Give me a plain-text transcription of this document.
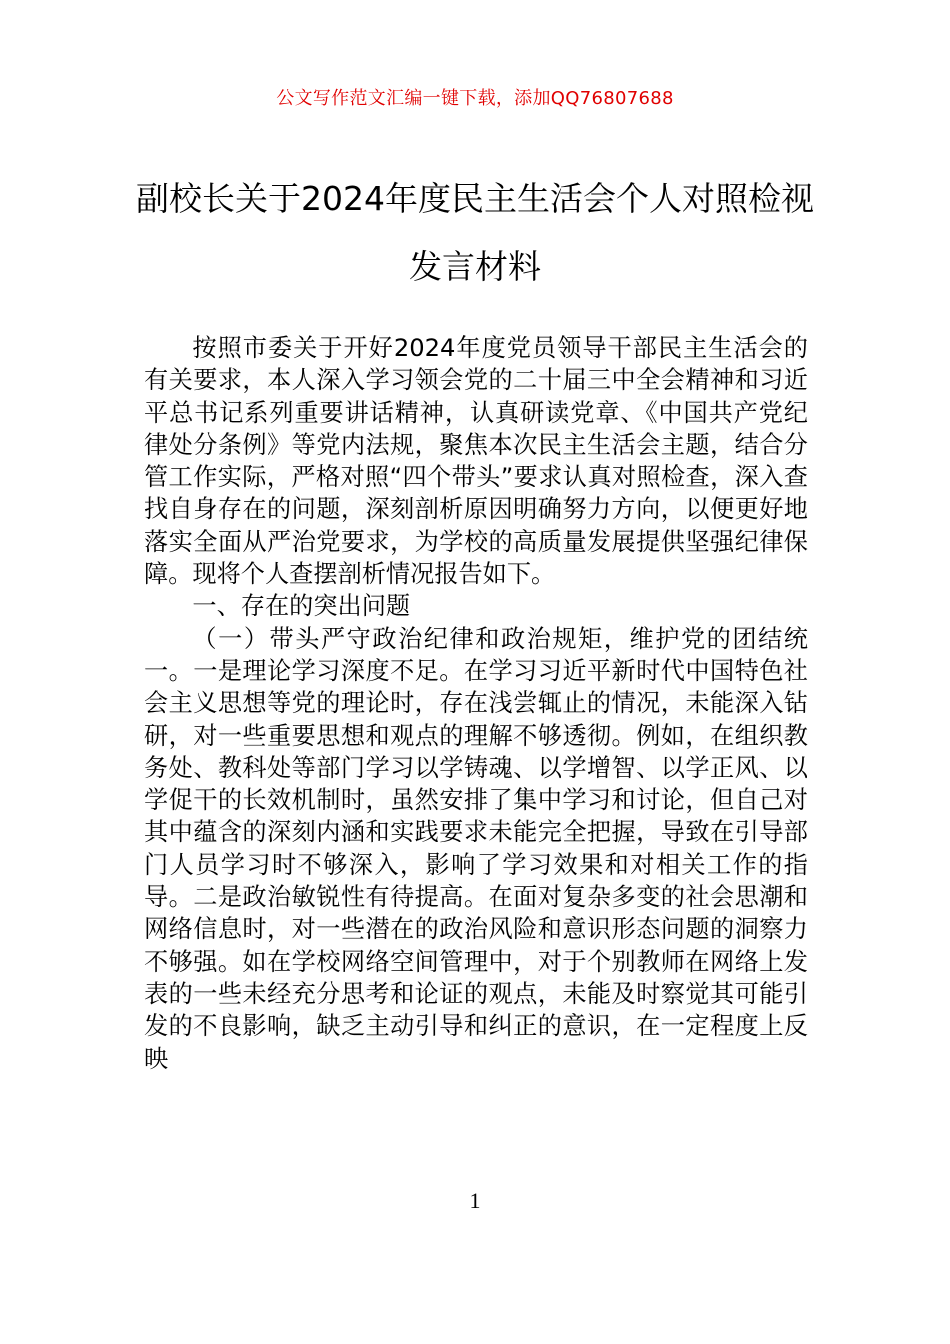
公文写作范文汇编一键下载，添加QQ76807688
副校长关于2024年度民主生活会个人对照检视发言材料

按照市委关于开好2024年度党员领导干部民主生活会的有关要求，本人深入学习领会党的二十届三中全会精神和习近平总书记系列重要讲话精神，认真研读党章、《中国共产党纪律处分条例》等党内法规，聚焦本次民主生活会主题，结合分管工作实际，严格对照“四个带头”要求认真对照检查，深入查找自身存在的问题，深刻剖析原因明确努力方向，以便更好地落实全面从严治党要求，为学校的高质量发展提供坚强纪律保障。现将个人查摆剖析情况报告如下。

一、存在的突出问题

（一）带头严守政治纪律和政治规矩，维护党的团结统一。一是理论学习深度不足。在学习习近平新时代中国特色社会主义思想等党的理论时，存在浅尝辄止的情况，未能深入钻研，对一些重要思想和观点的理解不够透彻。例如，在组织教务处、教科处等部门学习以学铸魂、以学增智、以学正风、以学促干的长效机制时，虽然安排了集中学习和讨论，但自己对其中蕴含的深刻内涵和实践要求未能完全把握，导致在引导部门人员学习时不够深入，影响了学习效果和对相关工作的指导。二是政治敏锐性有待提高。在面对复杂多变的社会思潮和网络信息时，对一些潜在的政治风险和意识形态问题的洞察力不够强。如在学校网络空间管理中，对于个别教师在网络上发表的一些未经充分思考和论证的观点，未能及时察觉其可能引发的不良影响，缺乏主动引导和纠正的意识，在一定程度上反映

1
